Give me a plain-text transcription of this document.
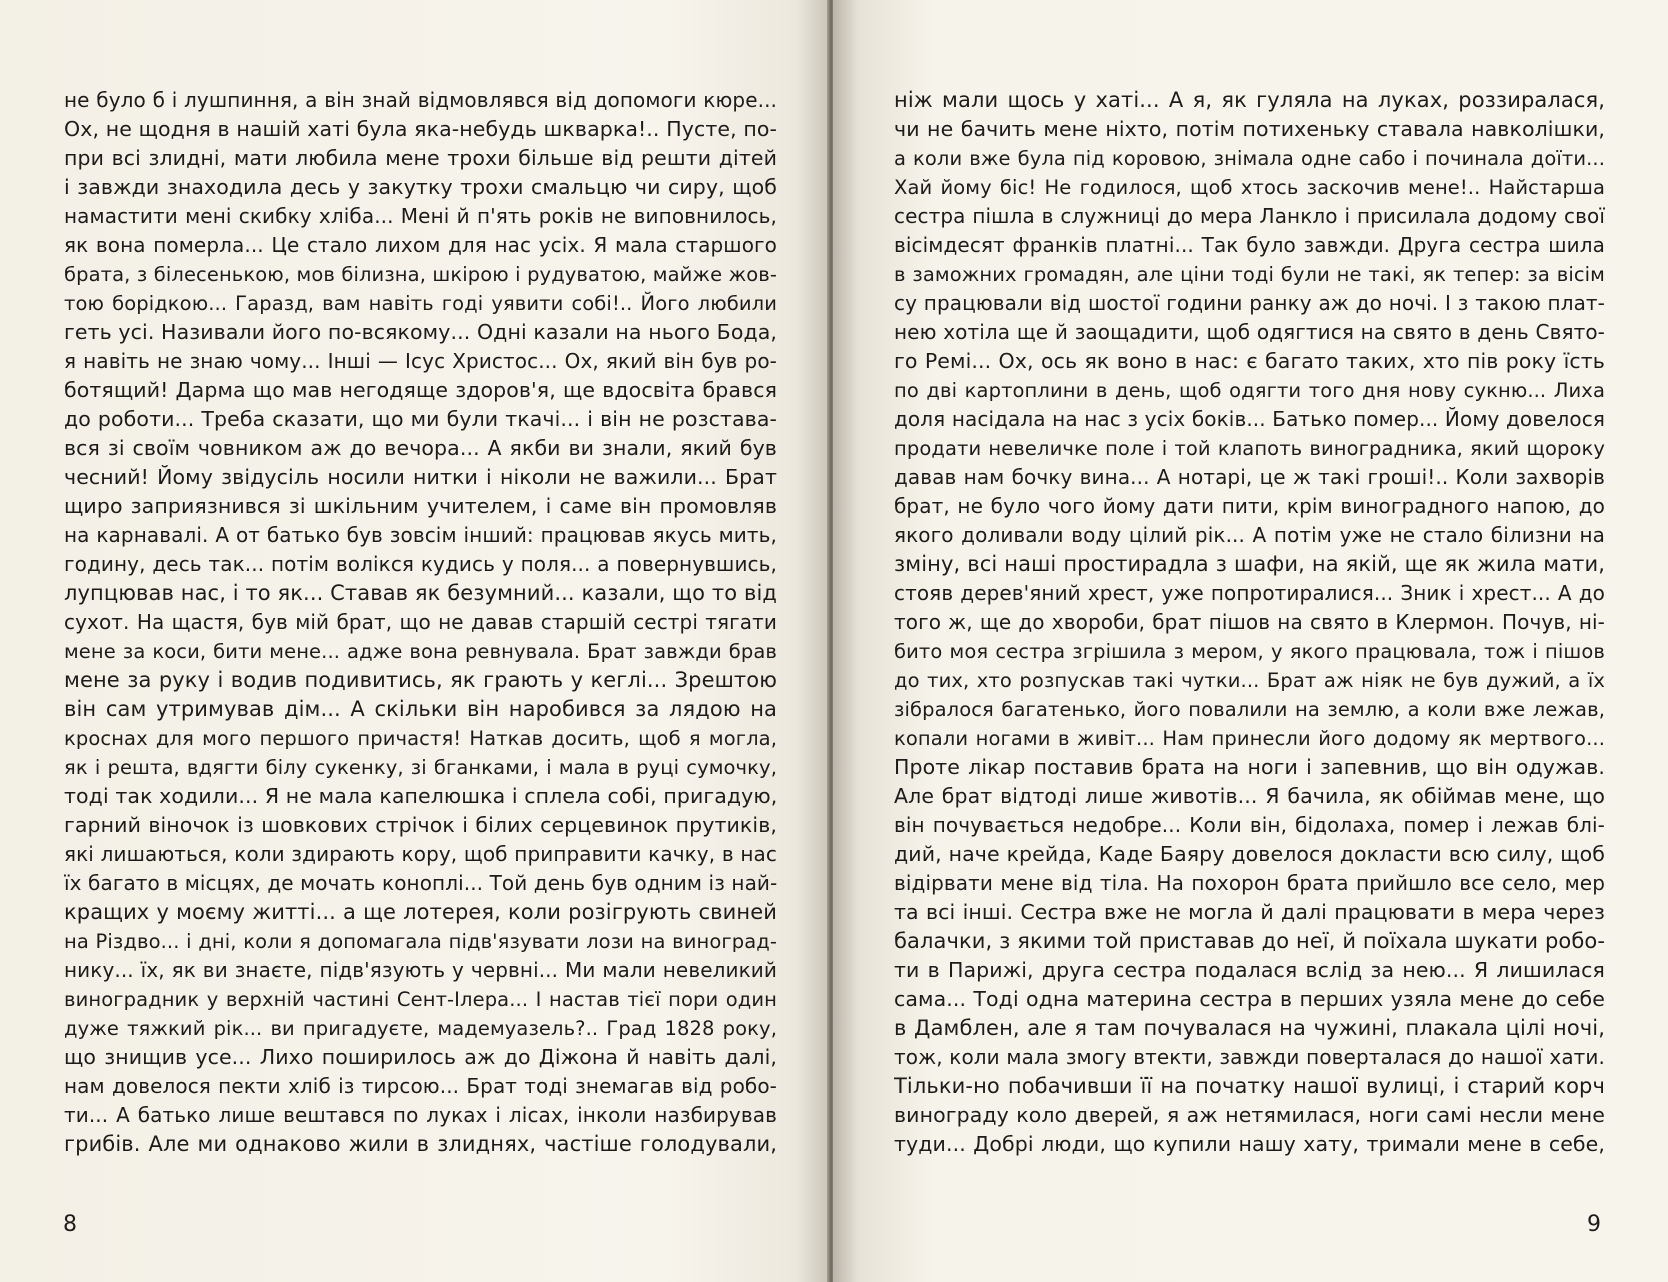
не було б і лушпиння, а він знай відмовлявся від допомоги кюре...
Ох, не щодня в нашій хаті була яка-небудь шкварка!.. Пусте, по-
при всі злидні, мати любила мене трохи більше від решти дітей
і завжди знаходила десь у закутку трохи смальцю чи сиру, щоб
намастити мені скибку хліба... Мені й п'ять років не виповнилось,
як вона померла... Це стало лихом для нас усіх. Я мала старшого
брата, з білесенькою, мов білизна, шкірою і рудуватою, майже жов-
тою борідкою... Гаразд, вам навіть годі уявити собі!.. Його любили
геть усі. Називали його по-всякому... Одні казали на нього Бода,
я навіть не знаю чому... Інші — Ісус Христос... Ох, який він був ро-
ботящий! Дарма що мав негодяще здоров'я, ще вдосвіта брався
до роботи... Треба сказати, що ми були ткачі... і він не розстава-
вся зі своїм човником аж до вечора... А якби ви знали, який був
чесний! Йому звідусіль носили нитки і ніколи не важили... Брат
щиро заприязнився зі шкільним учителем, і саме він промовляв
на карнавалі. А от батько був зовсім інший: працював якусь мить,
годину, десь так... потім волікся кудись у поля... а повернувшись,
лупцював нас, і то як... Ставав як безумний... казали, що то від
сухот. На щастя, був мій брат, що не давав старшій сестрі тягати
мене за коси, бити мене... адже вона ревнувала. Брат завжди брав
мене за руку і водив подивитись, як грають у кеглі... Зрештою
він сам утримував дім... А скільки він наробився за лядою на
кроснах для мого першого причастя! Наткав досить, щоб я могла,
як і решта, вдягти білу сукенку, зі бганками, і мала в руці сумочку,
тоді так ходили... Я не мала капелюшка і сплела собі, пригадую,
гарний віночок із шовкових стрічок і білих серцевинок прутиків,
які лишаються, коли здирають кору, щоб приправити качку, в нас
їх багато в місцях, де мочать коноплі... Той день був одним із най-
кращих у моєму житті... а ще лотерея, коли розігрують свиней
на Різдво... і дні, коли я допомагала підв'язувати лози на виноград-
нику... їх, як ви знаєте, підв'язують у червні... Ми мали невеликий
виноградник у верхній частині Сент-Ілера... І настав тієї пори один
дуже тяжкий рік... ви пригадуєте, мадемуазель?.. Град 1828 року,
що знищив усе... Лихо поширилось аж до Діжона й навіть далі,
нам довелося пекти хліб із тирсою... Брат тоді знемагав від робо-
ти... А батько лише вештався по луках і лісах, інколи назбирував
грибів. Але ми однаково жили в злиднях, частіше голодували,

8

ніж мали щось у хаті... А я, як гуляла на луках, роззиралася,
чи не бачить мене ніхто, потім потихеньку ставала навколішки,
а коли вже була під коровою, знімала одне сабо і починала доїти...
Хай йому біс! Не годилося, щоб хтось заскочив мене!.. Найстарша
сестра пішла в служниці до мера Ланкло і присилала додому свої
вісімдесят франків платні... Так було завжди. Друга сестра шила
в заможних громадян, але ціни тоді були не такі, як тепер: за вісім
су працювали від шостої години ранку аж до ночі. І з такою плат-
нею хотіла ще й заощадити, щоб одягтися на свято в день Свято-
го Ремі... Ох, ось як воно в нас: є багато таких, хто пів року їсть
по дві картоплини в день, щоб одягти того дня нову сукню... Лиха
доля насідала на нас з усіх боків... Батько помер... Йому довелося
продати невеличке поле і той клапоть виноградника, який щороку
давав нам бочку вина... А нотарі, це ж такі гроші!.. Коли захворів
брат, не було чого йому дати пити, крім виноградного напою, до
якого доливали воду цілий рік... А потім уже не стало білизни на
зміну, всі наші простирадла з шафи, на якій, ще як жила мати,
стояв дерев'яний хрест, уже попротиралися... Зник і хрест... А до
того ж, ще до хвороби, брат пішов на свято в Клермон. Почув, ні-
бито моя сестра згрішила з мером, у якого працювала, тож і пішов
до тих, хто розпускав такі чутки... Брат аж ніяк не був дужий, а їх
зібралося багатенько, його повалили на землю, а коли вже лежав,
копали ногами в живіт... Нам принесли його додому як мертвого...
Проте лікар поставив брата на ноги і запевнив, що він одужав.
Але брат відтоді лише животів... Я бачила, як обіймав мене, що
він почувається недобре... Коли він, бідолаха, помер і лежав блі-
дий, наче крейда, Каде Баяру довелося докласти всю силу, щоб
відірвати мене від тіла. На похорон брата прийшло все село, мер
та всі інші. Сестра вже не могла й далі працювати в мера через
балачки, з якими той приставав до неї, й поїхала шукати робо-
ти в Парижі, друга сестра подалася вслід за нею... Я лишилася
сама... Тоді одна материна сестра в перших узяла мене до себе
в Дамблен, але я там почувалася на чужині, плакала цілі ночі,
тож, коли мала змогу втекти, завжди поверталася до нашої хати.
Тільки-но побачивши її на початку нашої вулиці, і старий корч
винограду коло дверей, я аж нетямилася, ноги самі несли мене
туди... Добрі люди, що купили нашу хату, тримали мене в себе,

9
